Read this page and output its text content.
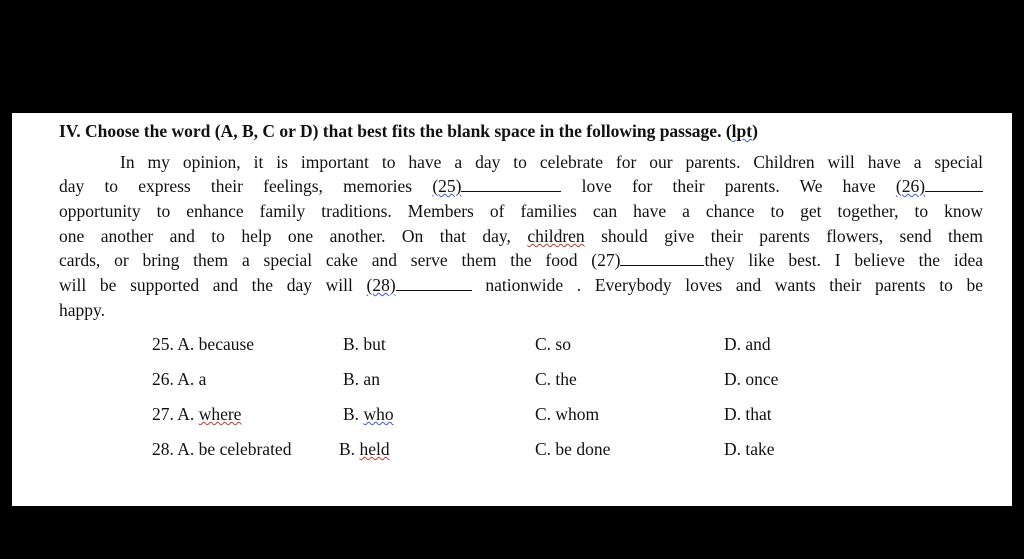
IV. Choose the word (A, B, C or D) that best fits the blank space in the following passage. (lpt)
In my opinion, it is important to have a day to celebrate for our parents. Children will have a special
day to express their feelings, memories (25)	love for their parents. We have (26)
opportunity to enhance family traditions. Members of families can have a chance to get together, to know
one another and to help one another. On that day, children should give their parents flowers, send them
cards, or bring them a special cake and serve them the food (27)	they like best. I believe the idea
will be supported and the day will (28)	nationwide . Everybody loves and wants their parents to be
happy.
25. A. because	B. but	C. so	D. and
26. A. a	B. an	C. the	D. once
27. A. where	B. who	C. whom	D. that
28. A. be celebrated	B. held	C. be done	D. take
